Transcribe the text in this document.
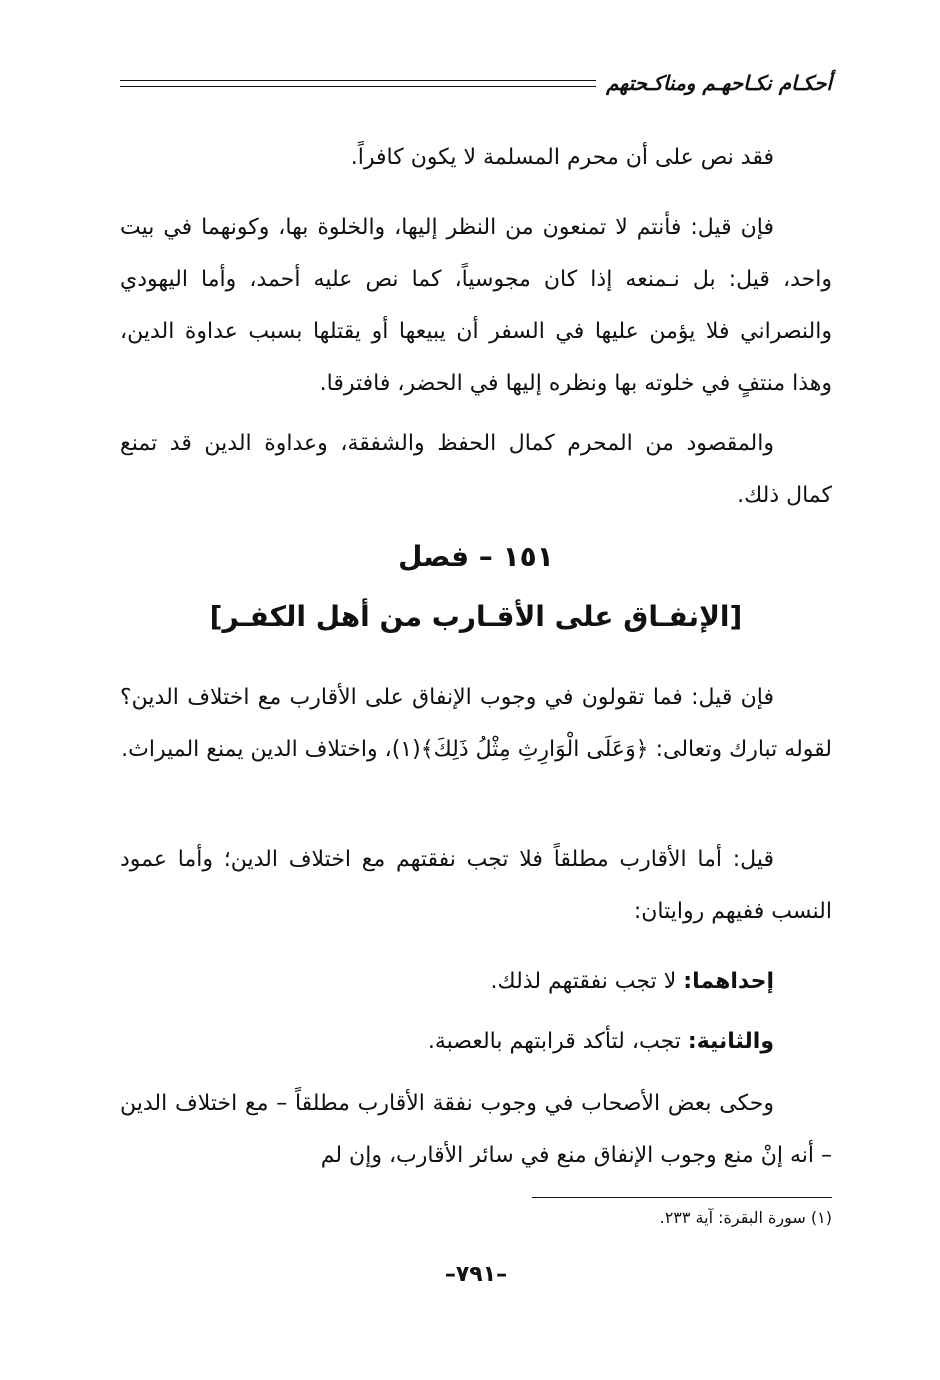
أحكـام نكـاحهـم ومناكـحتهم

فقد نص على أن محرم المسلمة لا يكون كافراً.

فإن قيل: فأنتم لا تمنعون من النظر إليها، والخلوة بها، وكونهما في بيت واحد، قيل: بل نـمنعه إذا كان مجوسياً، كما نص عليه أحمد، وأما اليهودي والنصراني فلا يؤمن عليها في السفر أن يبيعها أو يقتلها بسبب عداوة الدين، وهذا منتفٍ في خلوته بها ونظره إليها في الحضر، فافترقا.

والمقصود من المحرم كمال الحفظ والشفقة، وعداوة الدين قد تمنع كمال ذلك.

١٥١ – فصل
[الإنفـاق على الأقـارب من أهل الكفـر]

فإن قيل: فما تقولون في وجوب الإنفاق على الأقارب مع اختلاف الدين؟ لقوله تبارك وتعالى: ﴿وَعَلَى الْوَارِثِ مِثْلُ ذَلِكَ﴾(١)، واختلاف الدين يمنع الميراث.

قيل: أما الأقارب مطلقاً فلا تجب نفقتهم مع اختلاف الدين؛ وأما عمود النسب ففيهم روايتان:

إحداهما: لا تجب نفقتهم لذلك.

والثانية: تجب، لتأكد قرابتهم بالعصبة.

وحكى بعض الأصحاب في وجوب نفقة الأقارب مطلقاً – مع اختلاف الدين – أنه إنْ منع وجوب الإنفاق منع في سائر الأقارب، وإن لم

(١) سورة البقرة: آية ٢٣٣.
–٧٩١–
